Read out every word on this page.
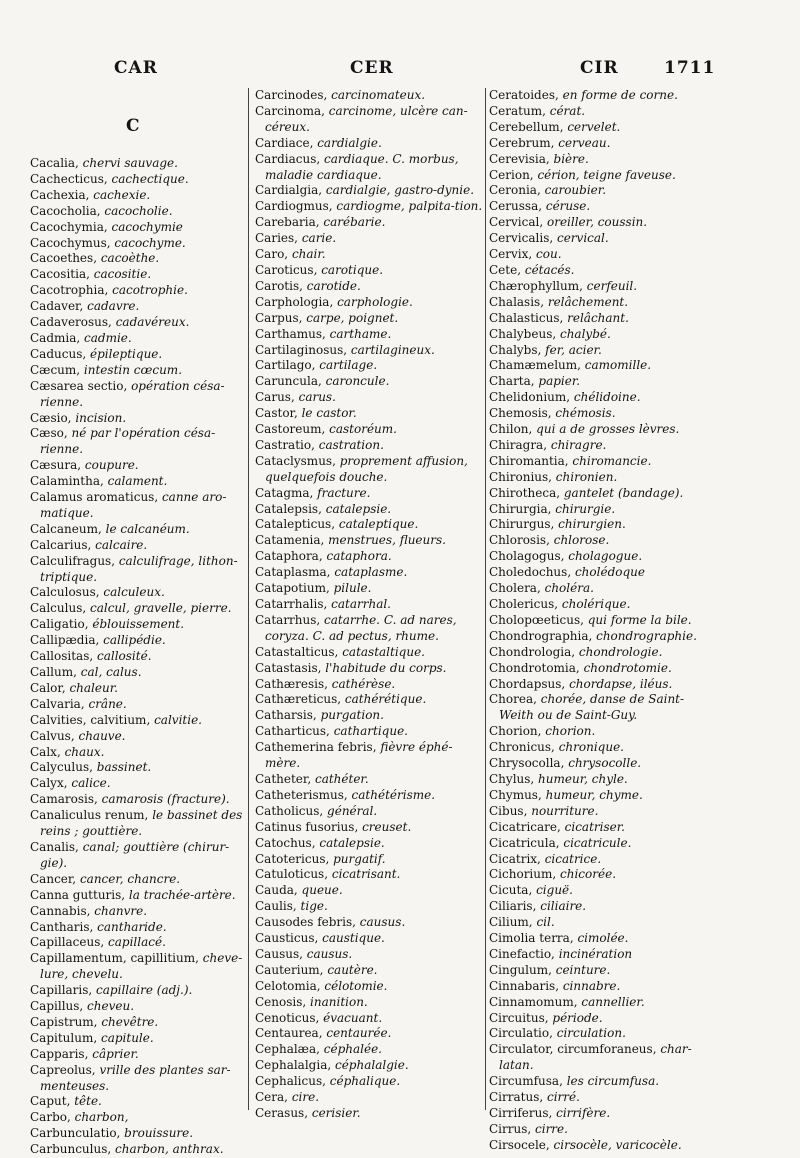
CAR	CER	CIR	1711
C

Cacalia, chervi sauvage.

Cachecticus, cachectique.

Cachexia, cachexie.

Cacocholia, cacocholie.

Cacochymia, cacochymie

Cacochymus, cacochyme.

Cacoethes, cacoèthe.

Cacositia, cacositie.

Cacotrophia, cacotrophie.

Cadaver, cadavre.

Cadaverosus, cadavéreux.

Cadmia, cadmie.

Caducus, épileptique.

Cæcum, intestin cœcum.

Cæsarea sectio, opération césa-rienne.

Cæsio, incision.

Cæso, né par l'opération césa-rienne.

Cæsura, coupure.

Calamintha, calament.

Calamus aromaticus, canne aro-matique.

Calcaneum, le calcanéum.

Calcarius, calcaire.

Calculifragus, calculifrage, lithon-triptique.

Calculosus, calculeux.

Calculus, calcul, gravelle, pierre.

Caligatio, éblouissement.

Callipædia, callipédie.

Callositas, callosité.

Callum, cal, calus.

Calor, chaleur.

Calvaria, crâne.

Calvities, calvitium, calvitie.

Calvus, chauve.

Calx, chaux.

Calyculus, bassinet.

Calyx, calice.

Camarosis, camarosis (fracture).

Canaliculus renum, le bassinet des reins ; gouttière.

Canalis, canal; gouttière (chirur-gie).

Cancer, cancer, chancre.

Canna gutturis, la trachée-artère.

Cannabis, chanvre.

Cantharis, cantharide.

Capillaceus, capillacé.

Capillamentum, capillitium, cheve-lure, chevelu.

Capillaris, capillaire (adj.).

Capillus, cheveu.

Capistrum, chevêtre.

Capitulum, capitule.

Capparis, câprier.

Capreolus, vrille des plantes sar-menteuses.

Caput, tête.

Carbo, charbon,

Carbunculatio, brouissure.

Carbunculus, charbon, anthrax.

Carcinodes, carcinomateux.

Carcinoma, carcinome, ulcère can-céreux.

Cardiace, cardialgie.

Cardiacus, cardiaque. C. morbus, maladie cardiaque.

Cardialgia, cardialgie, gastro-dynie.

Cardiogmus, cardiogme, palpita-tion.

Carebaria, carébarie.

Caries, carie.

Caro, chair.

Caroticus, carotique.

Carotis, carotide.

Carphologia, carphologie.

Carpus, carpe, poignet.

Carthamus, carthame.

Cartilaginosus, cartilagineux.

Cartilago, cartilage.

Caruncula, caroncule.

Carus, carus.

Castor, le castor.

Castoreum, castoréum.

Castratio, castration.

Cataclysmus, proprement affusion, quelquefois douche.

Catagma, fracture.

Catalepsis, catalepsie.

Catalepticus, cataleptique.

Catamenia, menstrues, flueurs.

Cataphora, cataphora.

Cataplasma, cataplasme.

Catapotium, pilule.

Catarrhalis, catarrhal.

Catarrhus, catarrhe. C. ad nares, coryza. C. ad pectus, rhume.

Catastalticus, catastaltique.

Catastasis, l'habitude du corps.

Cathæresis, cathérèse.

Cathæreticus, cathérétique.

Catharsis, purgation.

Catharticus, cathartique.

Cathemerina febris, fièvre éphé-mère.

Catheter, cathéter.

Catheterismus, cathétérisme.

Catholicus, général.

Catinus fusorius, creuset.

Catochus, catalepsie.

Catotericus, purgatif.

Catuloticus, cicatrisant.

Cauda, queue.

Caulis, tige.

Causodes febris, causus.

Causticus, caustique.

Causus, causus.

Cauterium, cautère.

Celotomia, célotomie.

Cenosis, inanition.

Cenoticus, évacuant.

Centaurea, centaurée.

Cephalæa, céphalée.

Cephalalgia, céphalalgie.

Cephalicus, céphalique.

Cera, cire.

Cerasus, cerisier.

Ceratoides, en forme de corne.

Ceratum, cérat.

Cerebellum, cervelet.

Cerebrum, cerveau.

Cerevisia, bière.

Cerion, cérion, teigne faveuse.

Ceronia, caroubier.

Cerussa, céruse.

Cervical, oreiller, coussin.

Cervicalis, cervical.

Cervix, cou.

Cete, cétacés.

Chærophyllum, cerfeuil.

Chalasis, relâchement.

Chalasticus, relâchant.

Chalybeus, chalybé.

Chalybs, fer, acier.

Chamæmelum, camomille.

Charta, papier.

Chelidonium, chélidoine.

Chemosis, chémosis.

Chilon, qui a de grosses lèvres.

Chiragra, chiragre.

Chiromantia, chiromancie.

Chironius, chironien.

Chirotheca, gantelet (bandage).

Chirurgia, chirurgie.

Chirurgus, chirurgien.

Chlorosis, chlorose.

Cholagogus, cholagogue.

Choledochus, cholédoque

Cholera, choléra.

Cholericus, cholérique.

Cholopœeticus, qui forme la bile.

Chondrographia, chondrographie.

Chondrologia, chondrologie.

Chondrotomia, chondrotomie.

Chordapsus, chordapse, iléus.

Chorea, chorée, danse de Saint-Weith ou de Saint-Guy.

Chorion, chorion.

Chronicus, chronique.

Chrysocolla, chrysocolle.

Chylus, humeur, chyle.

Chymus, humeur, chyme.

Cibus, nourriture.

Cicatricare, cicatriser.

Cicatricula, cicatricule.

Cicatrix, cicatrice.

Cichorium, chicorée.

Cicuta, ciguë.

Ciliaris, ciliaire.

Cilium, cil.

Cimolia terra, cimolée.

Cinefactio, incinération

Cingulum, ceinture.

Cinnabaris, cinnabre.

Cinnamomum, cannellier.

Circuitus, période.

Circulatio, circulation.

Circulator, circumforaneus, char-latan.

Circumfusa, les circumfusa.

Cirratus, cirré.

Cirriferus, cirrifère.

Cirrus, cirre.

Cirsocele, cirsocèle, varicocèle.
